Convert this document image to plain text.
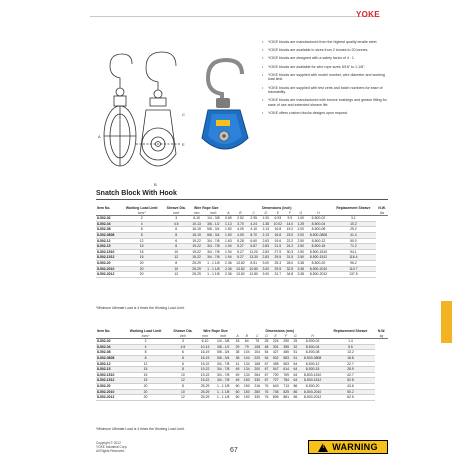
YOKE
A
C
E
B
• YOKE blocks are manufactured from the highest quality tensile steel.
• YOKE blocks are available in sizes from 2 tonnes to 20 tonnes.
• YOKE blocks are designed with a safety factor of 4 : 1.
• YOKE blocks are available for wire rope sizes 5/16" to 1-1/8".
• YOKE blocks are supplied with model number, wire diameter and working load limit.
• YOKE blocks are supplied with test certs and batch numbers for ease of traceability.
• YOKE blocks are manufactured with bronze bushings and grease fitting for ease of use and extended sheave life.
• YOKE offers custom blocks designs upon request.
Snatch Block With Hook
Item No.	Working Load Limit	Sheave Dia.	Wire Rope Size		Dimensions (inch)								Replacement Sheave	N.W.
	tons*	inch	mm	inch	A	B	C	D	E	F	G	H		lbs
8-502-02	2	3	6-10	1/4 - 3/8	0.69	2.52	2.95	1.00	6.93	9.9	1.00	6-500-02	3.1	
8-502-04	4	4.5	10-13	3/8 - 1/2	1.13	3.70	4.24	1.38	10.02	14.0	1.25	8-500-04	10.2	
8-502-08	8	6	16-19	5/8 - 3/4	1.50	4.09	4.10	2.13	16.8	19.2	2.00	8-500-08	29.2	
8-502-0808	8	8	16-19	5/8 - 3/4	1.50	4.09	8.70	2.13	16.8	23.0	2.00	8-500-0808	41.4	
8-502-12	12	6	19-22	3/4 - 7/8	1.63	5.28	6.60	2.63	19.6	22.2	2.50	8-500-12	50.0	
8-502-15	15	8	19-22	3/4 - 7/8	1.94	5.27	6.87	2.83	21.5	24.2	2.50	8-500-15	71.2	
8-502-1510	15	10	19-22	3/4 - 7/8	1.94	5.27	11.20	2.83	27.5	30.3	2.50	8-500-1510	94.1	
8-502-1512	15	12	19-22	3/4 - 7/8	1.94	5.27	13.30	2.83	29.5	31.5	2.50	8-500-1512	116.4	
8-502-20	20	8	25-29	1 - 1 1/8	2.36	13.82	8.51	3.00	25.3	28.0	3.38	8-500-20	96.2	
8-502-2010	20	10	25-29	1 - 1 1/8	2.36	13.82	10.80	3.00	29.5	32.5	3.38	8-500-2010	110.7	
8-502-2012	20	12	25-29	1 - 1 1/8	2.36	13.82	12.80	3.00	31.7	34.8	3.38	8-500-2012	137.5	
*Minimum Ultimate Load is 4 times the Working Load Limit.
Item No.	Working Load Limit	Sheave Dia.	Wire Rope Size		Dimensions (mm)								Replacement Sheave	N.W.
	tons*	inch	mm	inch	A	B	C	D	E	F	G	H		kg
8-502-02	2	3	6-10	1/4 - 3/8	18	64	75	25	224	250	25	8-500-02	1.4	
8-502-04	4	4.5	10-13	3/8 - 1/2	29	79	108	48	301	355	32	8-500-04	5.5	
8-502-08	8	6	16-19	5/8 - 3/4	38	104	104	54	427	485	51	8-500-08	13.2	
8-502-0808	8	8	16-19	5/8 - 3/4	38	104	220	54	502	583	51	8-500-0808	18.8	
8-502-12	12	6	19-22	3/4 - 7/8	41	134	168	67	498	563	64	8-500-12	22.7	
8-502-15	15	8	19-22	3/4 - 7/8	49	134	200	67	547	614	64	8-500-15	28.9	
8-502-1510	15	10	19-22	3/4 - 7/8	49	134	284	67	700	769	64	8-500-1510	42.7	
8-502-1512	15	12	19-22	3/4 - 7/8	49	150	330	67	727	784	64	8-500-1512	52.8	
8-502-20	20	8	25-29	1 - 1 1/8	60	150	216	76	643	713	86	8-500-20	43.6	
8-502-2010	20	10	25-29	1 - 1 1/8	60	150	280	76	748	825	86	8-500-2010	50.2	
8-502-2012	20	12	25-29	1 - 1 1/8	60	150	330	76	805	881	86	8-500-2012	62.5	
*Minimum Ultimate Load is 4 times the Working Load Limit.
Copyright © 2012
YOKE Industrial Corp.
All Rights Reserved.	67 !	WARNING
